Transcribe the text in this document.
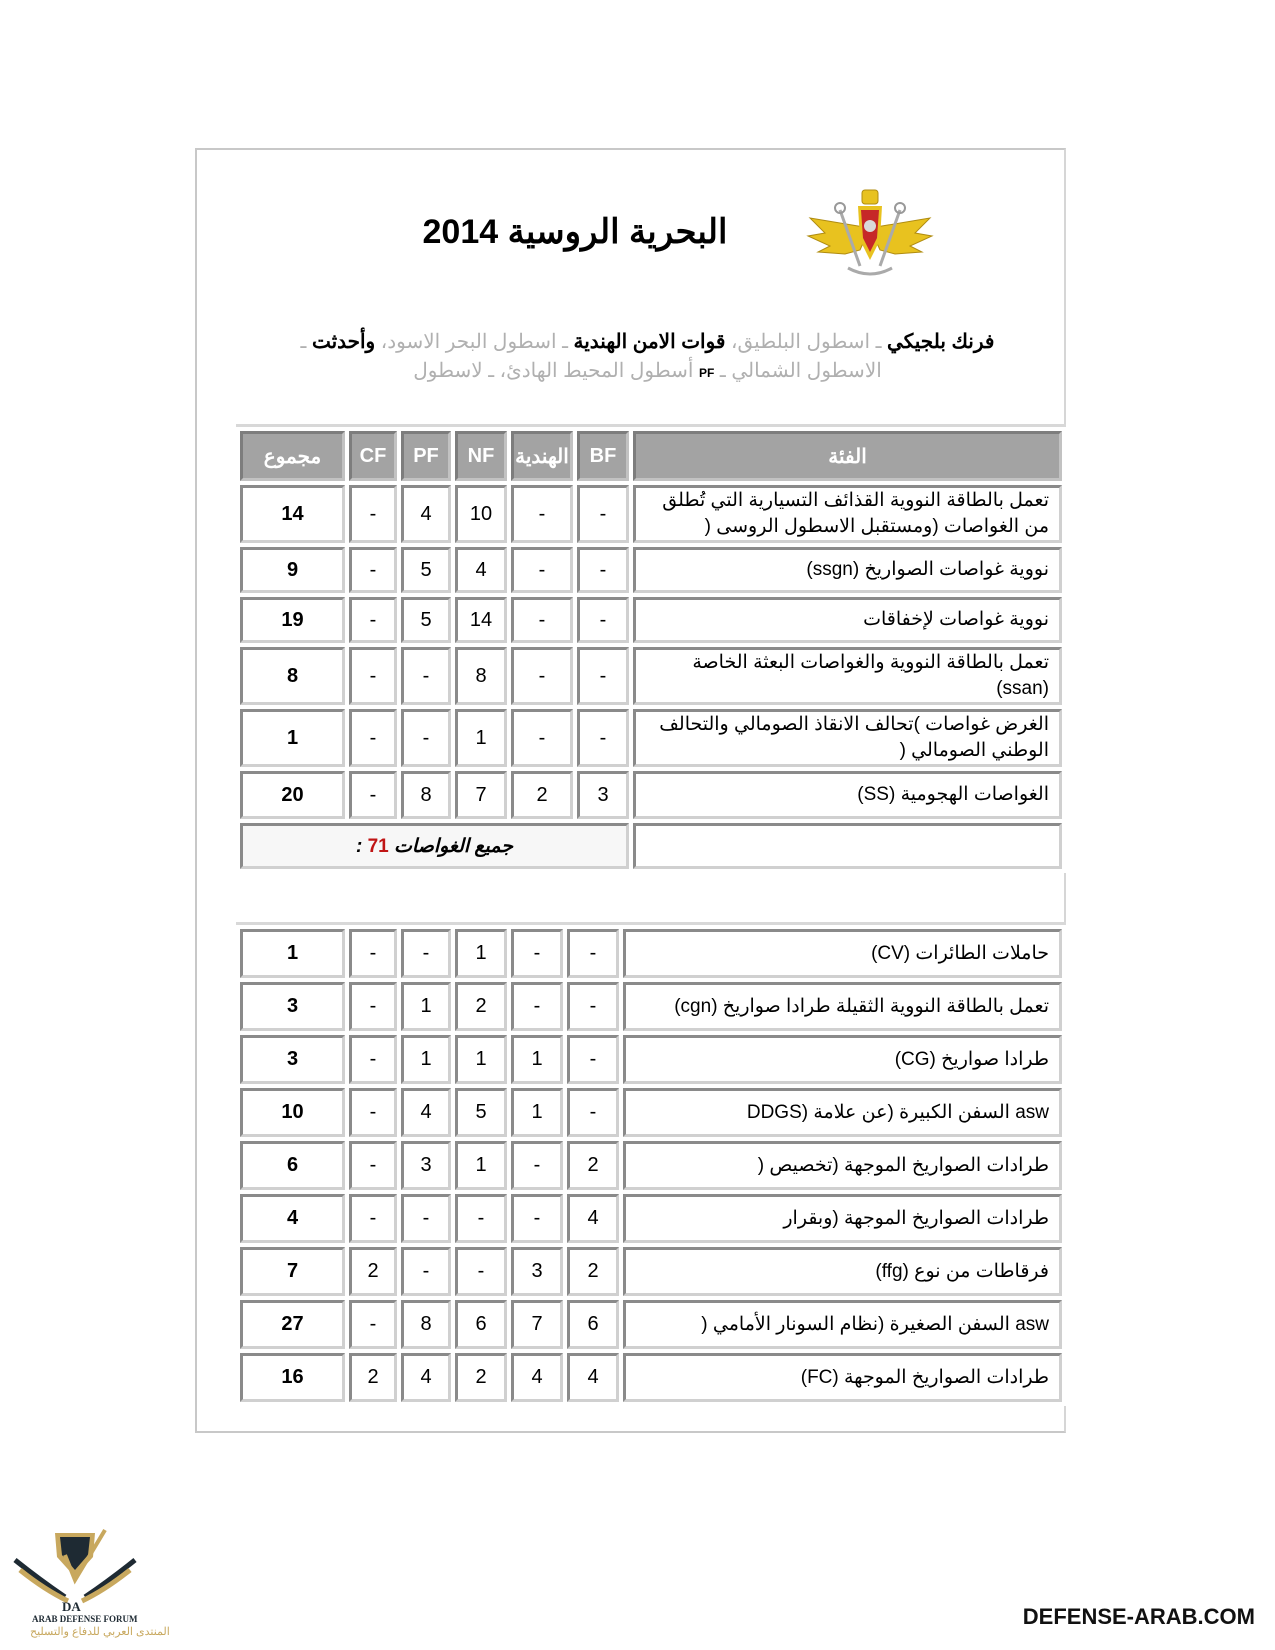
البحرية الروسية 2014
فرنك بلجيكي ـ اسطول البلطيق، قوات الامن الهندية ـ اسطول البحر الاسود، وأحدثت ـ الاسطول الشمالي ـ PF أسطول المحيط الهادئ، ـ لاسطول
مجموع	CF	PF	NF	الهندية	BF	الفئة
14	-	4	10	-	-	تعمل بالطاقة النووية القذائف التسيارية التي تُطلق من الغواصات (ومستقبل الاسطول الروسى (
9	-	5	4	-	-	نووية غواصات الصواريخ (ssgn)
19	-	5	14	-	-	نووية غواصات لإخفاقات
8	-	-	8	-	-	تعمل بالطاقة النووية والغواصات البعثة الخاصة (ssan)
1	-	-	1	-	-	الغرض غواصات )تحالف الانقاذ الصومالي والتحالف الوطني الصومالي (
20	-	8	7	2	3	الغواصات الهجومية (SS)
جميع الغواصات 71 :						
1	-	-	1	-	-	حاملات الطائرات (CV)
3	-	1	2	-	-	تعمل بالطاقة النووية الثقيلة طرادا صواريخ (cgn)
3	-	1	1	1	-	طرادا صواريخ (CG)
10	-	4	5	1	-	asw السفن الكبيرة (عن علامة (DDGS
6	-	3	1	-	2	طرادات الصواريخ الموجهة (تخصيص (
4	-	-	-	-	4	طرادات الصواريخ الموجهة (وبقرار
7	2	-	-	3	2	فرقاطات من نوع (ffg)
27	-	8	6	7	6	asw السفن الصغيرة (نظام السونار الأمامي (
16	2	4	2	4	4	طرادات الصواريخ الموجهة (FC)
DA
ARAB DEFENSE FORUM
المنتدى العربي للدفاع والتسليح
DEFENSE-ARAB.COM
